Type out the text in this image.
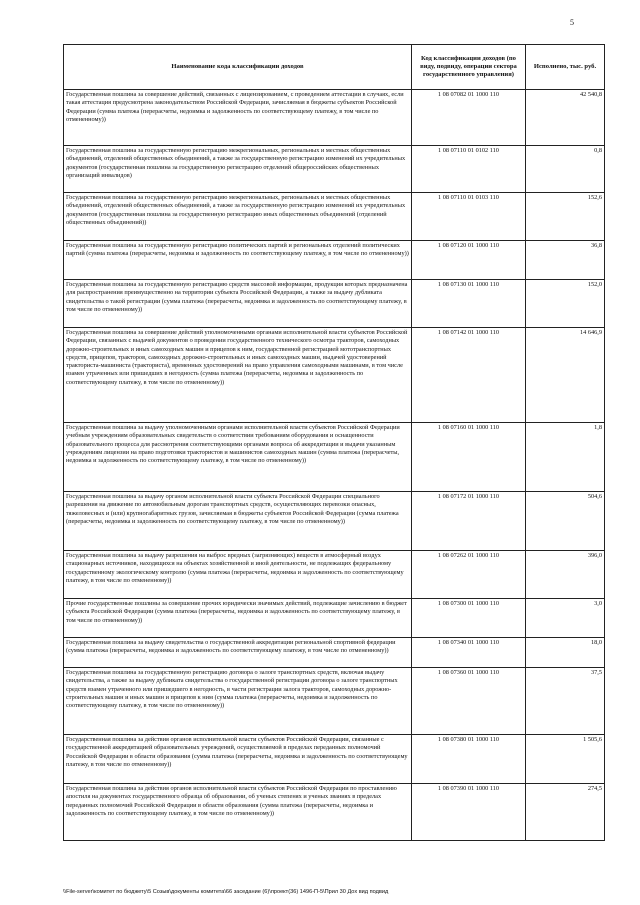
5
Наименование кода классификации доходов	Код классификации доходов (по виду, подвиду, операции сектора государственного управления)	Исполнено, тыс. руб.
Государственная пошлина за совершение действий, связанных с лицензированием, с проведением аттестации в случаях, если такая аттестация предусмотрена законодательством Российской Федерации, зачисляемая в бюджеты субъектов Российской Федерации (сумма платежа (перерасчеты, недоимка и задолженность по соответствующему платежу, в том числе по отмененному))	1 08 07082 01 1000 110	42 540,8
Государственная пошлина за государственную регистрацию межрегиональных, региональных и местных общественных объединений, отделений общественных объединений, а также за государственную регистрацию изменений их учредительных документов (государственная пошлина за государственную регистрацию отделений общероссийских общественных организаций инвалидов)	1 08 07110 01 0102 110	0,8
Государственная пошлина за государственную регистрацию межрегиональных, региональных и местных общественных объединений, отделений общественных объединений, а также за государственную регистрацию изменений их учредительных документов (государственная пошлина за государственную регистрацию иных общественных объединений (отделений общественных объединений))	1 08 07110 01 0103 110	152,6
Государственная пошлина за государственную регистрацию политических партий и региональных отделений политических партий (сумма платежа (перерасчеты, недоимка и задолженность по соответствующему платежу, в том числе по отмененному))	1 08 07120 01 1000 110	36,8
Государственная пошлина за государственную регистрацию средств массовой информации, продукция которых предназначена для распространения преимущественно на территории субъекта Российской Федерации, а также за выдачу дубликата свидетельства о такой регистрации (сумма платежа (перерасчеты, недоимка и задолженность по соответствующему платежу, в том числе по отмененному))	1 08 07130 01 1000 110	152,0
Государственная пошлина за совершение действий уполномоченными органами исполнительной власти субъектов Российской Федерации, связанных с выдачей документов о проведении государственного технического осмотра тракторов, самоходных дорожно-строительных и иных самоходных машин и прицепов к ним, государственной регистрацией мототранспортных средств, прицепов, тракторов, самоходных дорожно-строительных и иных самоходных машин, выдачей удостоверений тракториста-машиниста (тракториста), временных удостоверений на право управления самоходными машинами, в том числе взамен утраченных или пришедших в негодность (сумма платежа (перерасчеты, недоимка и задолженность по соответствующему платежу, в том числе по отмененному))	1 08 07142 01 1000 110	14 646,9
Государственная пошлина за выдачу уполномоченными органами исполнительной власти субъектов Российской Федерации учебным учреждениям образовательных свидетельств о соответствии требованиям оборудования и оснащенности образовательного процесса для рассмотрения соответствующими органами вопроса об аккредитации и выдачи указанным учреждениям лицензии на право подготовки трактористов и машинистов самоходных машин (сумма платежа (перерасчеты, недоимка и задолженность по соответствующему платежу, в том числе по отмененному))	1 08 07160 01 1000 110	1,8
Государственная пошлина за выдачу органом исполнительной власти субъекта Российской Федерации специального разрешения на движение по автомобильным дорогам транспортных средств, осуществляющих перевозки опасных, тяжеловесных и (или) крупногабаритных грузов, зачисляемая в бюджеты субъектов Российской Федерации (сумма платежа (перерасчеты, недоимка и задолженность по соответствующему платежу, в том числе по отмененному))	1 08 07172 01 1000 110	504,6
Государственная пошлина за выдачу разрешения на выброс вредных (загрязняющих) веществ в атмосферный воздух стационарных источников, находящихся на объектах хозяйственной и иной деятельности, не подлежащих федеральному государственному экологическому контролю (сумма платежа (перерасчеты, недоимка и задолженность по соответствующему платежу, в том числе по отмененному))	1 08 07262 01 1000 110	396,0
Прочие государственные пошлины за совершение прочих юридически значимых действий, подлежащие зачислению в бюджет субъекта Российской Федерации (сумма платежа (перерасчеты, недоимка и задолженность по соответствующему платежу, в том числе по отмененному))	1 08 07300 01 1000 110	3,0
Государственная пошлина за выдачу свидетельства о государственной аккредитации региональной спортивной федерации (сумма платежа (перерасчеты, недоимка и задолженность по соответствующему платежу, в том числе по отмененному))	1 08 07340 01 1000 110	18,0
Государственная пошлина за государственную регистрацию договора о залоге транспортных средств, включая выдачу свидетельства, а также за выдачу дубликата свидетельства о государственной регистрации договора о залоге транспортных средств взамен утраченного или пришедшего в негодность, в части регистрации залога тракторов, самоходных дорожно-строительных машин и иных машин и прицепов к ним (сумма платежа (перерасчеты, недоимка и задолженность по соответствующему платежу, в том числе по отмененному))	1 08 07360 01 1000 110	37,5
Государственная пошлина за действия органов исполнительной власти субъектов Российской Федерации, связанные с государственной аккредитацией образовательных учреждений, осуществляемой в пределах переданных полномочий Российской Федерации в области образования (сумма платежа (перерасчеты, недоимка и задолженность по соответствующему платежу, в том числе по отмененному))	1 08 07380 01 1000 110	1 505,6
Государственная пошлина за действия органов исполнительной власти субъектов Российской Федерации по проставлению апостиля на документах государственного образца об образовании, об ученых степенях и ученых званиях в пределах переданных полномочий Российской Федерации в области образования (сумма платежа (перерасчеты, недоимка и задолженность по соответствующему платежу, в том числе по отмененному))	1 08 07390 01 1000 110	274,5
\\File-server\комитет по бюджету\5 Созыв\документы комитета\66 заседание (6)\проект(36) 1496-П-5\Прил 30 Дох вид подвид
